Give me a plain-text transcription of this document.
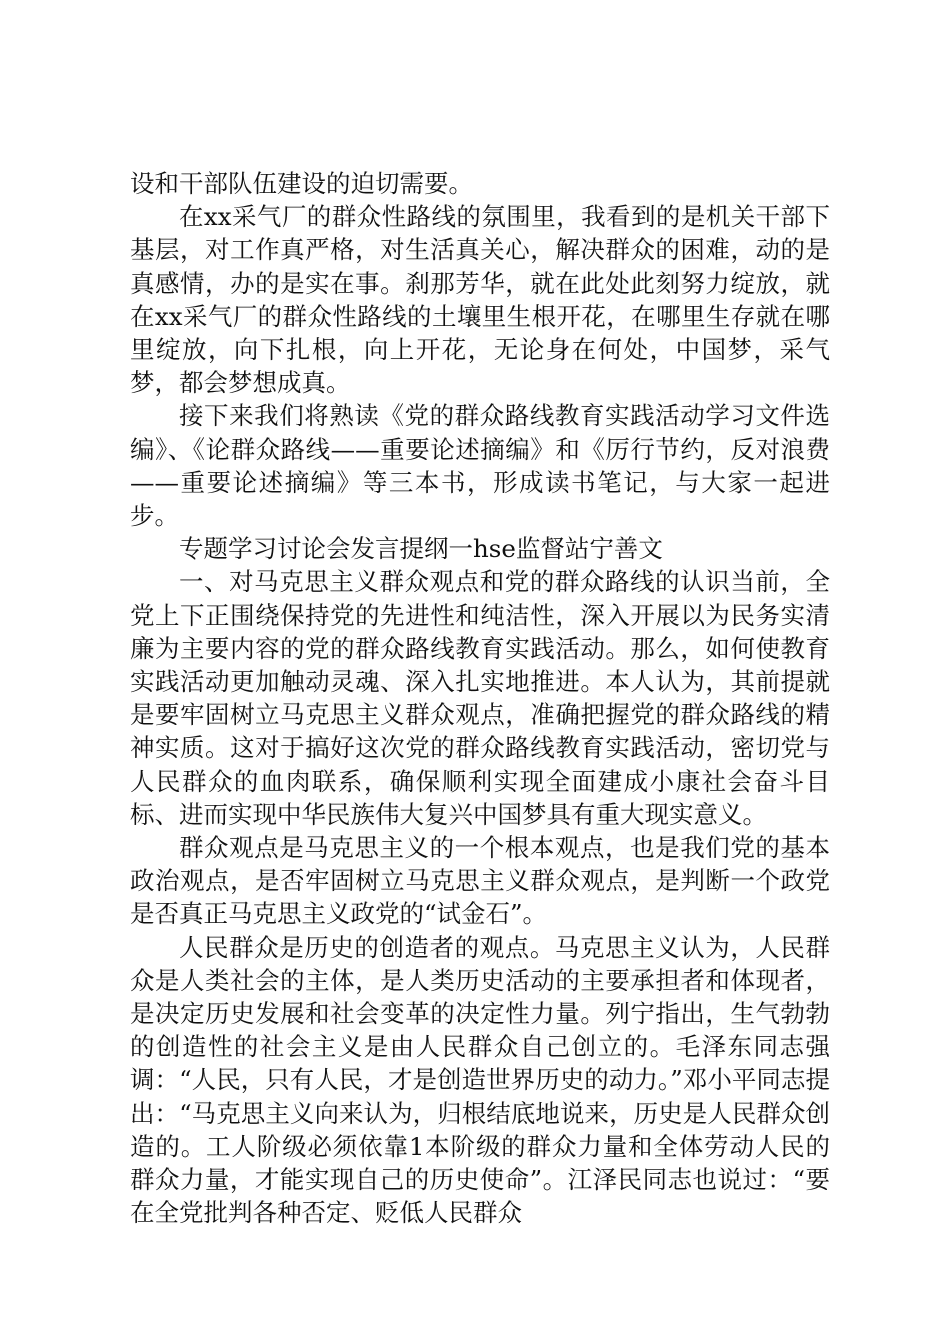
设和干部队伍建设的迫切需要。

在xx采气厂的群众性路线的氛围里，我看到的是机关干部下基层，对工作真严格，对生活真关心，解决群众的困难，动的是真感情，办的是实在事。刹那芳华，就在此处此刻努力绽放，就在xx采气厂的群众性路线的土壤里生根开花，在哪里生存就在哪里绽放，向下扎根，向上开花，无论身在何处，中国梦，采气梦，都会梦想成真。

接下来我们将熟读《党的群众路线教育实践活动学习文件选编》、《论群众路线——重要论述摘编》和《厉行节约，反对浪费——重要论述摘编》等三本书，形成读书笔记，与大家一起进步。

专题学习讨论会发言提纲一hse监督站宁善文

一、对马克思主义群众观点和党的群众路线的认识当前，全党上下正围绕保持党的先进性和纯洁性，深入开展以为民务实清廉为主要内容的党的群众路线教育实践活动。那么，如何使教育实践活动更加触动灵魂、深入扎实地推进。本人认为，其前提就是要牢固树立马克思主义群众观点，准确把握党的群众路线的精神实质。这对于搞好这次党的群众路线教育实践活动，密切党与人民群众的血肉联系，确保顺利实现全面建成小康社会奋斗目标、进而实现中华民族伟大复兴中国梦具有重大现实意义。

群众观点是马克思主义的一个根本观点，也是我们党的基本政治观点，是否牢固树立马克思主义群众观点，是判断一个政党是否真正马克思主义政党的“试金石”。

人民群众是历史的创造者的观点。马克思主义认为，人民群众是人类社会的主体，是人类历史活动的主要承担者和体现者，是决定历史发展和社会变革的决定性力量。列宁指出，生气勃勃的创造性的社会主义是由人民群众自己创立的。毛泽东同志强调：“人民，只有人民，才是创造世界历史的动力。”邓小平同志提出：“马克思主义向来认为，归根结底地说来，历史是人民群众创造的。工人阶级必须依靠1本阶级的群众力量和全体劳动人民的群众力量，才能实现自己的历史使命”。江泽民同志也说过：“要在全党批判各种否定、贬低人民群众
